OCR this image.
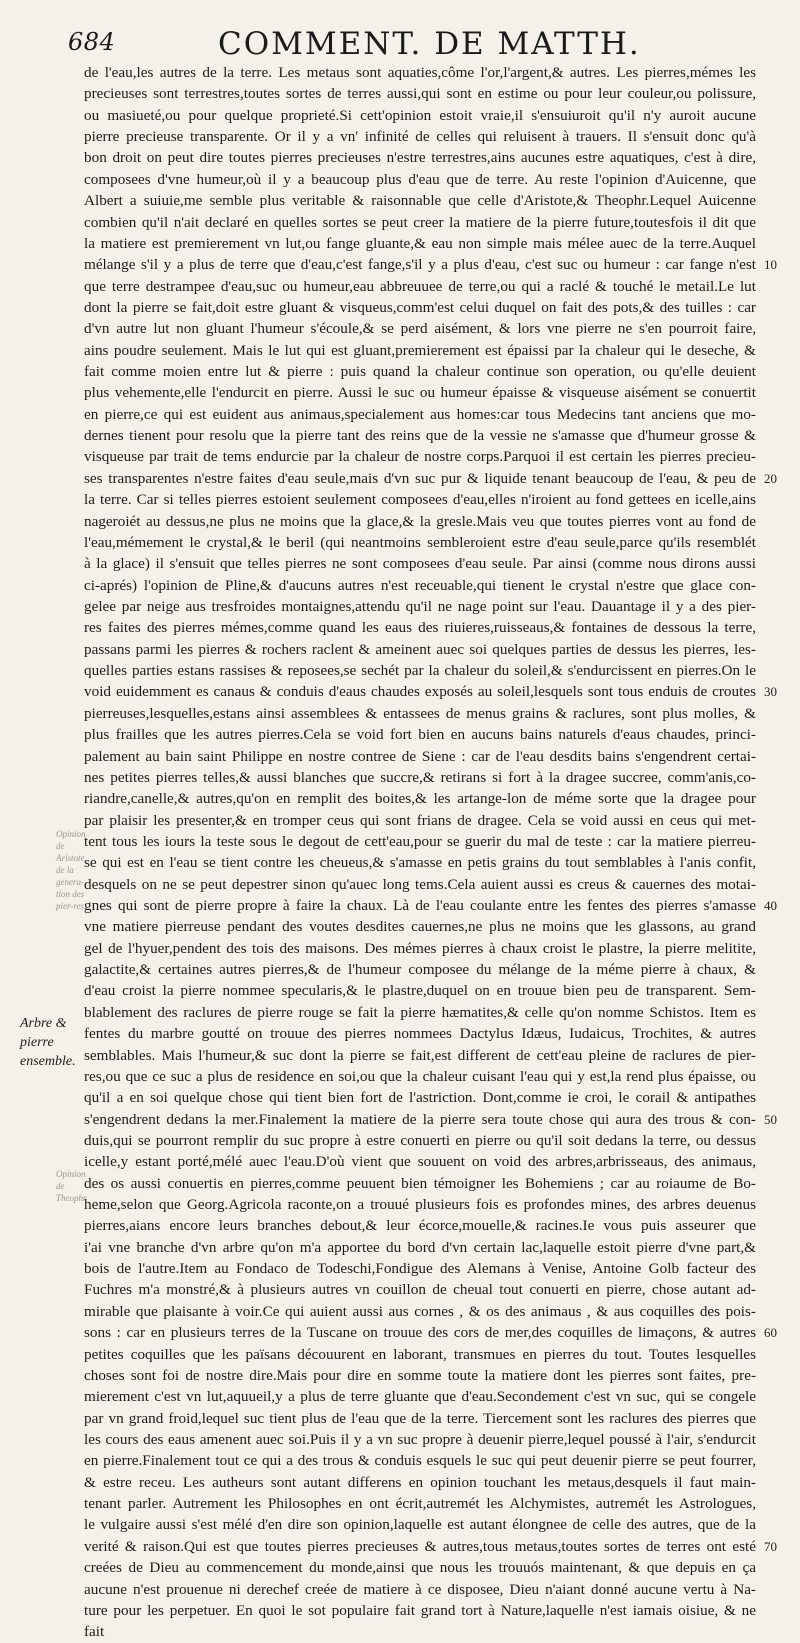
684	COMMENT. DE MATTH.
de l'eau,les autres de la terre. Les metaus sont aquaties,côme l'or,l'argent,& autres. Les pierres,mémes les
precieuses sont terrestres,toutes sortes de terres aussi,qui sont en estime ou pour leur couleur,ou polissure,
ou masiueté,ou pour quelque proprieté.Si cett'opinion estoit vraie,il s'ensuiuroit qu'il n'y auroit aucune
pierre precieuse transparente. Or il y a vn' infinité de celles qui reluisent à trauers. Il s'ensuit donc qu'à
bon droit on peut dire toutes pierres precieuses n'estre terrestres,ains aucunes estre aquatiques, c'est à dire,
composees d'vne humeur,où il y a beaucoup plus d'eau que de terre. Au reste l'opinion d'Auicenne, que
Albert a suiuie,me semble plus veritable & raisonnable que celle d'Aristote,& Theophr.Lequel Auicenne
combien qu'il n'ait declaré en quelles sortes se peut creer la matiere de la pierre future,toutesfois il dit que
la matiere est premierement vn lut,ou fange gluante,& eau non simple mais mélee auec de la terre.Auquel
mélange s'il y a plus de terre que d'eau,c'est fange,s'il y a plus d'eau, c'est suc ou humeur : car fange n'est
que terre destrampee d'eau,suc ou humeur,eau abbreuuee de terre,ou qui a raclé & touché le metail.Le lut
dont la pierre se fait,doit estre gluant & visqueus,comm'est celui duquel on fait des pots,& des tuilles : car
d'vn autre lut non gluant l'humeur s'écoule,& se perd aisément, & lors vne pierre ne s'en pourroit faire,
ains poudre seulement. Mais le lut qui est gluant,premierement est épaissi par la chaleur qui le deseche, &
fait comme moien entre lut & pierre : puis quand la chaleur continue son operation, ou qu'elle deuient
plus vehemente,elle l'endurcit en pierre. Aussi le suc ou humeur épaisse & visqueuse aisément se conuertit
en pierre,ce qui est euident aus animaus,specialement aus homes:car tous Medecins tant anciens que mo-
dernes tienent pour resolu que la pierre tant des reins que de la vessie ne s'amasse que d'humeur grosse &
visqueuse par trait de tems endurcie par la chaleur de nostre corps.Parquoi il est certain les pierres precieu-
ses transparentes n'estre faites d'eau seule,mais d'vn suc pur & liquide tenant beaucoup de l'eau, & peu de
la terre. Car si telles pierres estoient seulement composees d'eau,elles n'iroient au fond gettees en icelle,ains
nageroiét au dessus,ne plus ne moins que la glace,& la gresle.Mais veu que toutes pierres vont au fond de
l'eau,mémement le crystal,& le beril (qui neantmoins sembleroient estre d'eau seule,parce qu'ils resemblét
à la glace) il s'ensuit que telles pierres ne sont composees d'eau seule. Par ainsi (comme nous dirons aussi
ci-aprés) l'opinion de Pline,& d'aucuns autres n'est receuable,qui tienent le crystal n'estre que glace con-
gelee par neige aus tresfroides montaignes,attendu qu'il ne nage point sur l'eau. Dauantage il y a des pier-
res faites des pierres mémes,comme quand les eaus des riuieres,ruisseaus,& fontaines de dessous la terre,
passans parmi les pierres & rochers raclent & ameinent auec soi quelques parties de dessus les pierres, les-
quelles parties estans rassises & reposees,se sechét par la chaleur du soleil,& s'endurcissent en pierres.On le
void euidemment es canaus & conduis d'eaus chaudes exposés au soleil,lesquels sont tous enduis de croutes
pierreuses,lesquelles,estans ainsi assemblees & entassees de menus grains & raclures, sont plus molles, &
plus frailles que les autres pierres.Cela se void fort bien en aucuns bains naturels d'eaus chaudes, princi-
palement au bain saint Philippe en nostre contree de Siene : car de l'eau desdits bains s'engendrent certai-
nes petites pierres telles,& aussi blanches que succre,& retirans si fort à la dragee succree, comm'anis,co-
riandre,canelle,& autres,qu'on en remplit des boites,& les artange-lon de méme sorte que la dragee pour
par plaisir les presenter,& en tromper ceus qui sont frians de dragee. Cela se void aussi en ceus qui met-
tent tous les iours la teste sous le degout de cett'eau,pour se guerir du mal de teste : car la matiere pierreu-
se qui est en l'eau se tient contre les cheueus,& s'amasse en petis grains du tout semblables à l'anis confit,
desquels on ne se peut depestrer sinon qu'auec long tems.Cela auient aussi es creus & cauernes des motai-
gnes qui sont de pierre propre à faire la chaux. Là de l'eau coulante entre les fentes des pierres s'amasse
vne matiere pierreuse pendant des voutes desdites cauernes,ne plus ne moins que les glassons, au grand
gel de l'hyuer,pendent des tois des maisons. Des mémes pierres à chaux croist le plastre, la pierre melitite,
galactite,& certaines autres pierres,& de l'humeur composee du mélange de la méme pierre à chaux, &
d'eau croist la pierre nommee specularis,& le plastre,duquel on en trouue bien peu de transparent. Sem-
blablement des raclures de pierre rouge se fait la pierre hæmatites,& celle qu'on nomme Schistos. Item es
fentes du marbre goutté on trouue des pierres nommees Dactylus Idæus, Iudaicus, Trochites, & autres
semblables. Mais l'humeur,& suc dont la pierre se fait,est different de cett'eau pleine de raclures de pier-
res,ou que ce suc a plus de residence en soi,ou que la chaleur cuisant l'eau qui y est,la rend plus épaisse, ou
qu'il a en soi quelque chose qui tient bien fort de l'astriction. Dont,comme ie croi, le corail & antipathes
s'engendrent dedans la mer.Finalement la matiere de la pierre sera toute chose qui aura des trous & con-
duis,qui se pourront remplir du suc propre à estre conuerti en pierre ou qu'il soit dedans la terre, ou dessus
icelle,y estant porté,mélé auec l'eau.D'où vient que souuent on void des arbres,arbrisseaus, des animaus,
des os aussi conuertis en pierres,comme peuuent bien témoigner les Bohemiens ; car au roiaume de Bo-
heme,selon que Georg.Agricola raconte,on a trouué plusieurs fois es profondes mines, des arbres deuenus
pierres,aians encore leurs branches debout,& leur écorce,mouelle,& racines.Ie vous puis asseurer que
i'ai vne branche d'vn arbre qu'on m'a apportee du bord d'vn certain lac,laquelle estoit pierre d'vne part,&
bois de l'autre.Item au Fondaco de Todeschi,Fondigue des Alemans à Venise, Antoine Golb facteur des
Fuchres m'a monstré,& à plusieurs autres vn couillon de cheual tout conuerti en pierre, chose autant ad-
mirable que plaisante à voir.Ce qui auient aussi aus cornes , & os des animaus , & aus coquilles des pois-
sons : car en plusieurs terres de la Tuscane on trouue des cors de mer,des coquilles de limaçons, & autres
petites coquilles que les païsans découurent en laborant, transmues en pierres du tout. Toutes lesquelles
choses sont foi de nostre dire.Mais pour dire en somme toute la matiere dont les pierres sont faites, pre-
mierement c'est vn lut,aquueil,y a plus de terre gluante que d'eau.Secondement c'est vn suc, qui se congele
par vn grand froid,lequel suc tient plus de l'eau que de la terre. Tiercement sont les raclures des pierres que
les cours des eaus amenent auec soi.Puis il y a vn suc propre à deuenir pierre,lequel poussé à l'air, s'endurcit
en pierre.Finalement tout ce qui a des trous & conduis esquels le suc qui peut deuenir pierre se peut fourrer,
& estre receu. Les autheurs sont autant differens en opinion touchant les metaus,desquels il faut main-
tenant parler. Autrement les Philosophes en ont écrit,autremét les Alchymistes, autremét les Astrologues,
le vulgaire aussi s'est mélé d'en dire son opinion,laquelle est autant élongnee de celle des autres, que de la
verité & raison.Qui est que toutes pierres precieuses & autres,tous metaus,toutes sortes de terres ont esté
creées de Dieu au commencement du monde,ainsi que nous les trouuós maintenant, & que depuis en ça
aucune n'est prouenue ni derechef creée de matiere à ce disposee, Dieu n'aiant donné aucune vertu à Na-
ture pour les perpetuer. En quoi le sot populaire fait grand tort à Nature,laquelle n'est iamais oisiue, & ne
fait
10
20
30
40
50
60
70
Opinion de Aristote de la genera-tion des pier-res.
Opinion de Theophr.
Arbre & pierre ensemble.
